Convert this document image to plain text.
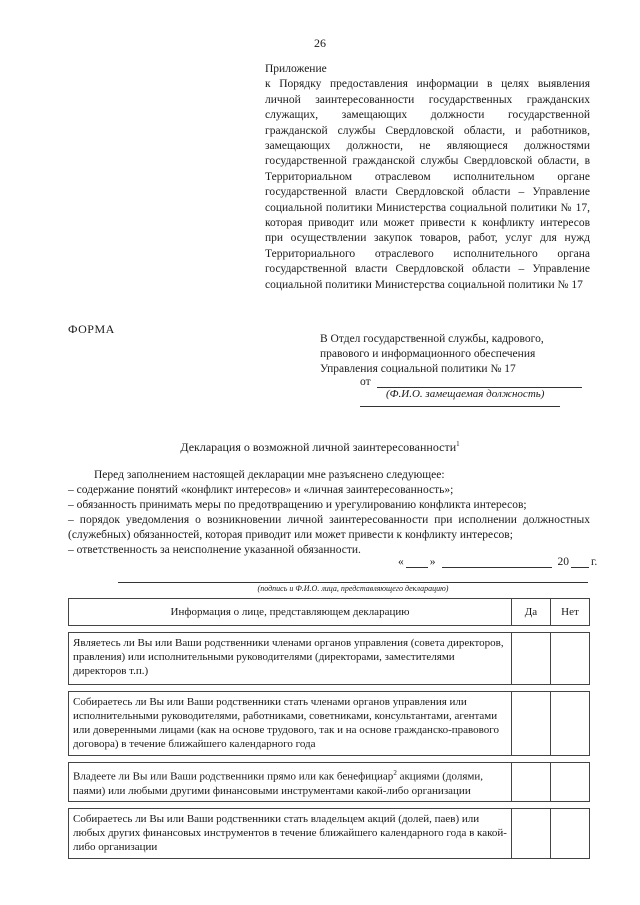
26
Приложение
к Порядку предоставления информации в целях выявления личной заинтересованности государственных гражданских служащих, замещающих должности государственной гражданской службы Свердловской области, и работников, замещающих должности, не являющиеся должностями государственной гражданской службы Свердловской области, в Территориальном отраслевом исполнительном органе государственной власти Свердловской области – Управление социальной политики Министерства социальной политики № 17, которая приводит или может привести к конфликту интересов при осуществлении закупок товаров, работ, услуг для нужд Территориального отраслевого исполнительного органа государственной власти Свердловской области – Управление социальной политики Министерства социальной политики № 17
ФОРМА
В Отдел государственной службы, кадрового,
правового и информационного обеспечения
Управления социальной политики № 17
от
(Ф.И.О. замещаемая должность)
Декларация о возможной личной заинтересованности$^1$

Перед заполнением настоящей декларации мне разъяснено следующее:

– содержание понятий «конфликт интересов» и «личная заинтересованность»;

– обязанность принимать меры по предотвращению и урегулированию конфликта интересов;

– порядок уведомления о возникновении личной заинтересованности при исполнении должностных (служебных) обязанностей, которая приводит или может привести к конфликту интересов;

– ответственность за неисполнение указанной обязанности.

« »	20 г.
(подпись и Ф.И.О. лица, представляющего декларацию)
Информация о лице, представляющем декларацию	Да	Нет

Являетесь ли Вы или Ваши родственники членами органов управления (совета директоров, правления) или исполнительными руководителями (директорами, заместителями директоров т.п.)		

Собираетесь ли Вы или Ваши родственники стать членами органов управления или исполнительными руководителями, работниками, советниками, консультантами, агентами или доверенными лицами (как на основе трудового, так и на основе гражданско-правового договора) в течение ближайшего календарного года		

Владеете ли Вы или Ваши родственники прямо или как бенефициар$^2$ акциями (долями, паями) или любыми другими финансовыми инструментами какой-либо организации		

Собираетесь ли Вы или Ваши родственники стать владельцем акций (долей, паев) или любых других финансовых инструментов в течение ближайшего календарного года в какой-либо организации		
